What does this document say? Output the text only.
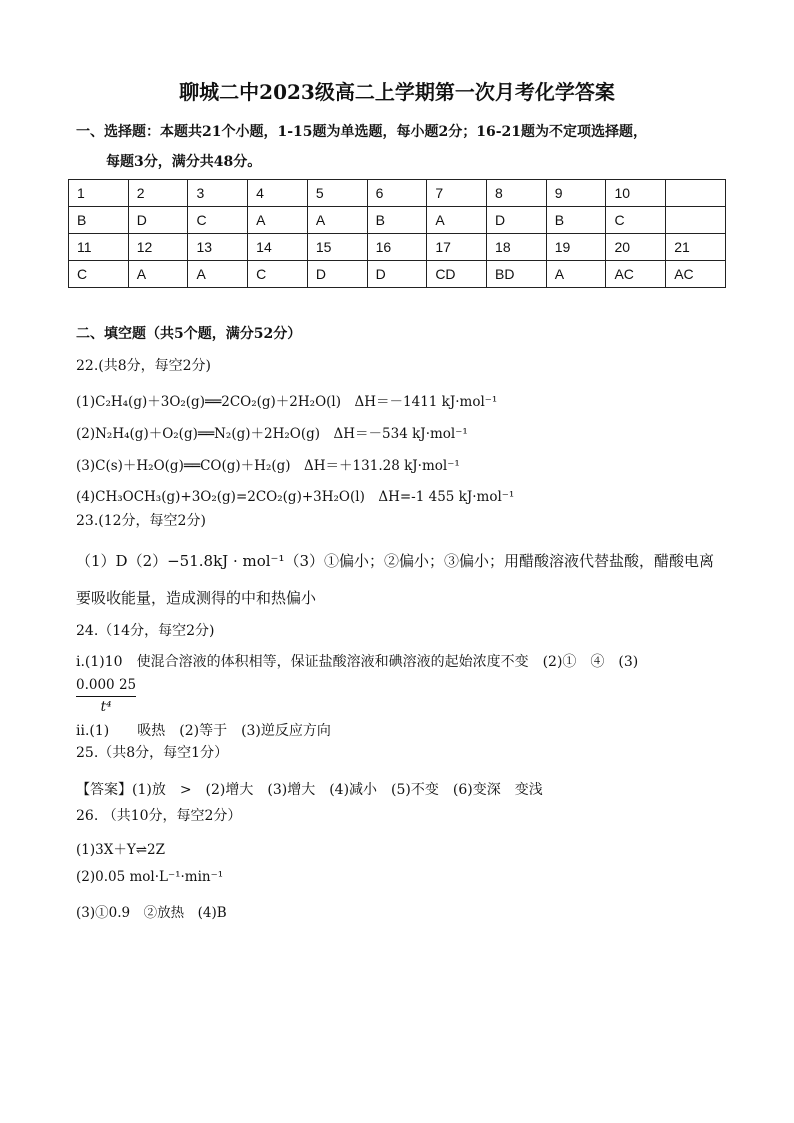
聊城二中2023级高二上学期第一次月考化学答案
一、选择题：本题共21个小题，1-15题为单选题，每小题2分；16-21题为不定项选择题，
每题3分，满分共48分。
1	2	3	4	5	6	7	8	9	10	
B	D	C	A	A	B	A	D	B	C	
11	12	13	14	15	16	17	18	19	20	21
C	A	A	C	D	D	CD	BD	A	AC	AC
二、填空题（共5个题，满分52分）
22.(共8分，每空2分)
(1)C₂H₄(g)＋3O₂(g)══2CO₂(g)＋2H₂O(l)　ΔH＝－1411 kJ·mol⁻¹
(2)N₂H₄(g)＋O₂(g)══N₂(g)＋2H₂O(g)　ΔH＝－534 kJ·mol⁻¹
(3)C(s)＋H₂O(g)══CO(g)＋H₂(g)　ΔH＝＋131.28 kJ·mol⁻¹
(4)CH₃OCH₃(g)+3O₂(g)=2CO₂(g)+3H₂O(l)　ΔH=-1 455 kJ·mol⁻¹
23.(12分，每空2分)
（1）D（2）−51.8kJ · mol⁻¹（3）①偏小；②偏小；③偏小；用醋酸溶液代替盐酸，醋酸电离
要吸收能量，造成测得的中和热偏小
24.（14分，每空2分)
ⅰ.(1)10　使混合溶液的体积相等，保证盐酸溶液和碘溶液的起始浓度不变　(2)①　④　(3)
$\frac{0.000 25}{\text{t⁴}}$
ⅱ.(1)　　吸热　(2)等于　(3)逆反应方向
25.（共8分，每空1分）
【答案】(1)放　>　(2)增大　(3)增大　(4)减小　(5)不变　(6)变深　变浅
26. （共10分，每空2分）
(1)3X＋Y⇌2Z
(2)0.05 mol·L⁻¹·min⁻¹
(3)①0.9　②放热　(4)B
